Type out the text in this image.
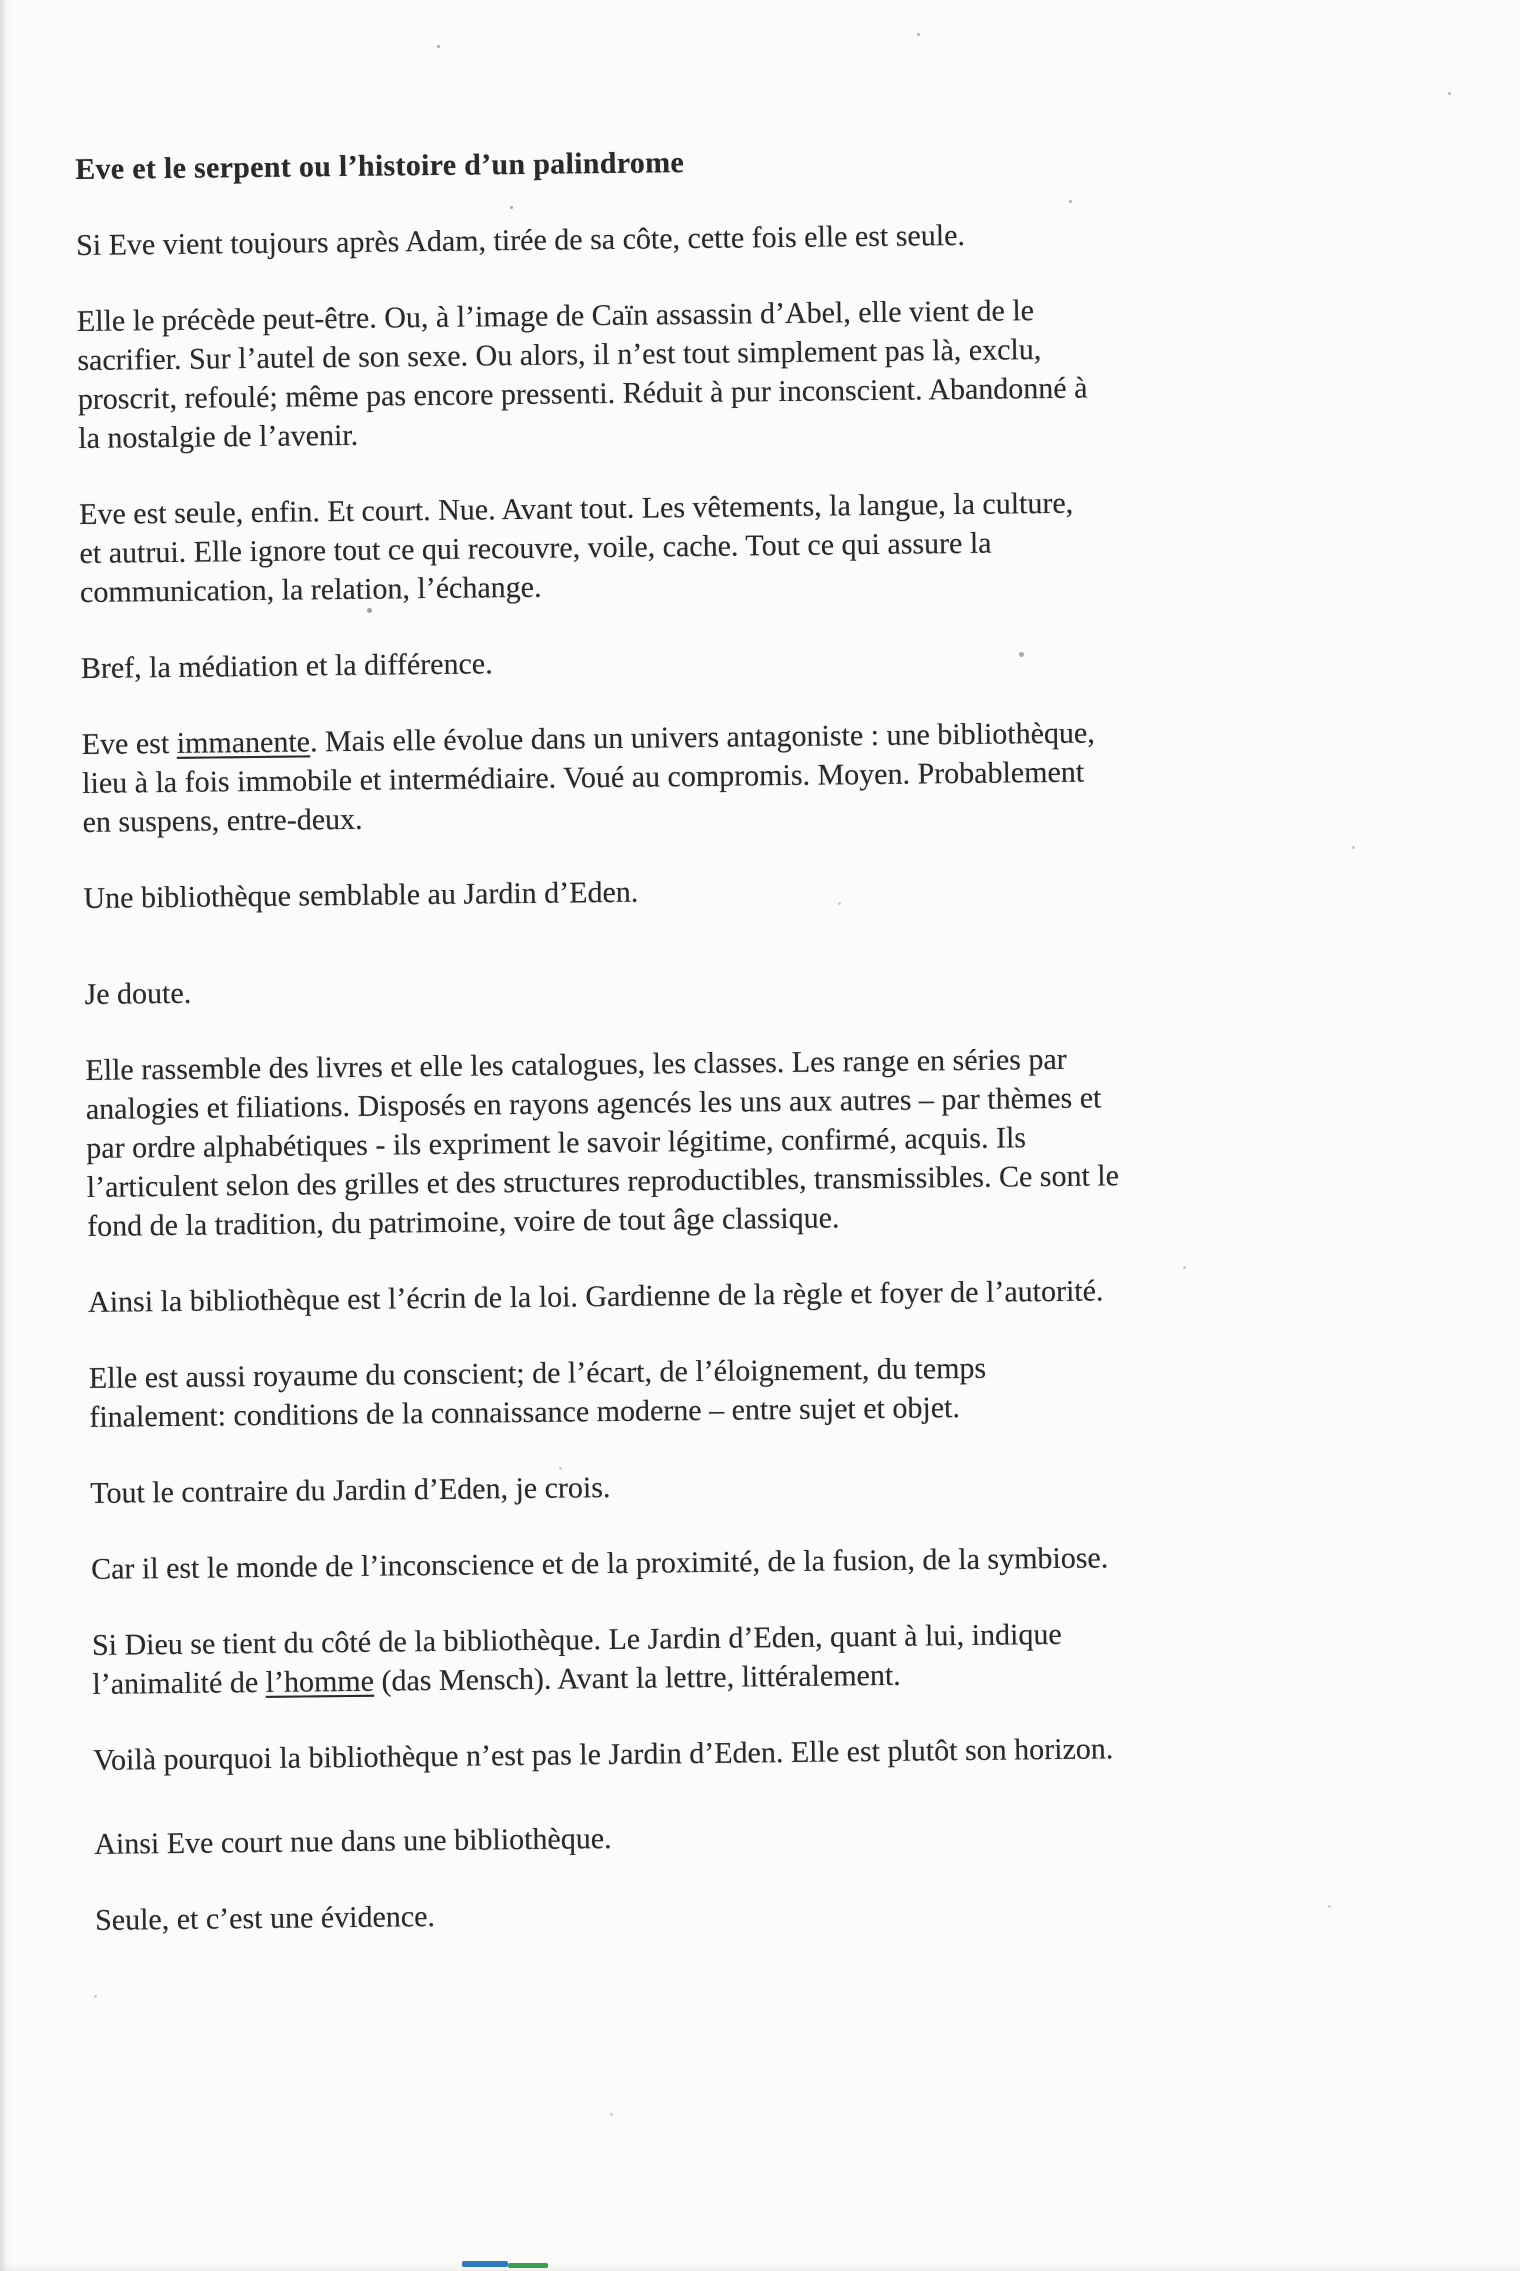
Eve et le serpent ou l’histoire d’un palindrome

Si Eve vient toujours après Adam, tirée de sa côte, cette fois elle est seule.

Elle le précède peut-être. Ou, à l’image de Caïn assassin d’Abel, elle vient de le
sacrifier. Sur l’autel de son sexe. Ou alors, il n’est tout simplement pas là, exclu,
proscrit, refoulé; même pas encore pressenti. Réduit à pur inconscient. Abandonné à
la nostalgie de l’avenir.

Eve est seule, enfin. Et court. Nue. Avant tout. Les vêtements, la langue, la culture,
et autrui. Elle ignore tout ce qui recouvre, voile, cache. Tout ce qui assure la
communication, la relation, l’échange.

Bref, la médiation et la différence.

Eve est immanente. Mais elle évolue dans un univers antagoniste : une bibliothèque,
lieu à la fois immobile et intermédiaire. Voué au compromis. Moyen. Probablement
en suspens, entre-deux.

Une bibliothèque semblable au Jardin d’Eden.

Je doute.

Elle rassemble des livres et elle les catalogues, les classes. Les range en séries par
analogies et filiations. Disposés en rayons agencés les uns aux autres – par thèmes et
par ordre alphabétiques - ils expriment le savoir légitime, confirmé, acquis. Ils
l’articulent selon des grilles et des structures reproductibles, transmissibles. Ce sont le
fond de la tradition, du patrimoine, voire de tout âge classique.

Ainsi la bibliothèque est l’écrin de la loi. Gardienne de la règle et foyer de l’autorité.

Elle est aussi royaume du conscient; de l’écart, de l’éloignement, du temps
finalement: conditions de la connaissance moderne – entre sujet et objet.

Tout le contraire du Jardin d’Eden, je crois.

Car il est le monde de l’inconscience et de la proximité, de la fusion, de la symbiose.

Si Dieu se tient du côté de la bibliothèque. Le Jardin d’Eden, quant à lui, indique
l’animalité de l’homme (das Mensch). Avant la lettre, littéralement.

Voilà pourquoi la bibliothèque n’est pas le Jardin d’Eden. Elle est plutôt son horizon.

Ainsi Eve court nue dans une bibliothèque.

Seule, et c’est une évidence.
